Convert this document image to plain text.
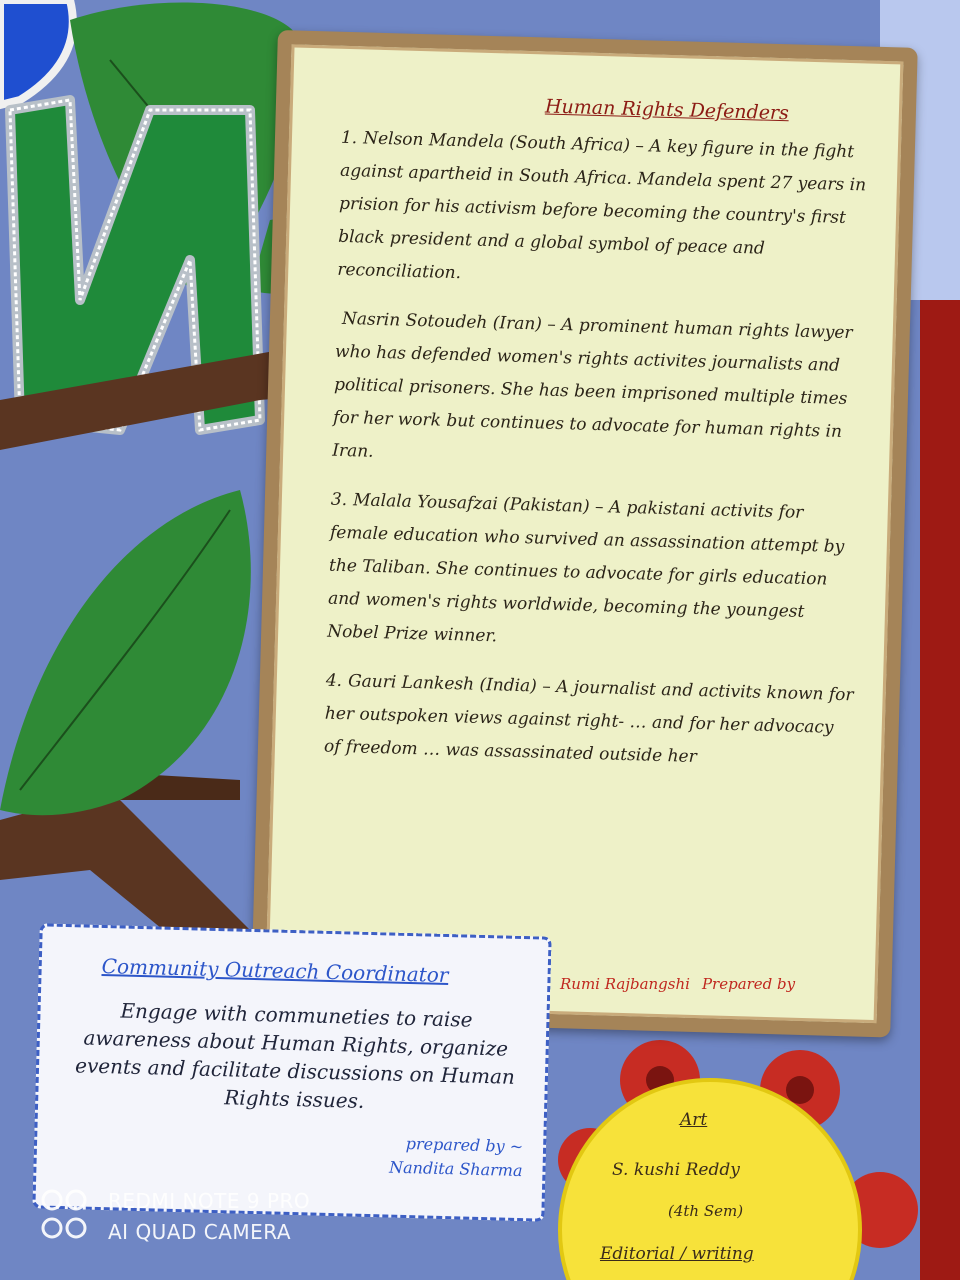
Human Rights Defenders
1. Nelson Mandela (South Africa) – A key figure in the fight against apartheid in South Africa. Mandela spent 27 years in prision for his activism before becoming the country's first black president and a global symbol of peace and reconciliation.
Nasrin Sotoudeh (Iran) – A prominent human rights lawyer who has defended women's rights activites journalists and political prisoners. She has been imprisoned multiple times for her work but continues to advocate for human rights in Iran.
3. Malala Yousafzai (Pakistan) – A pakistani activits for female education who survived an assassination attempt by the Taliban. She continues to advocate for girls education and women's rights worldwide, becoming the youngest Nobel Prize winner.
4. Gauri Lankesh (India) – A journalist and activits known for her outspoken views against right- … and for her advocacy of freedom … was assassinated outside her
Rumi Rajbangshi Prepared by
Community Outreach Coordinator
Engage with communeties to raise awareness about Human Rights, organize events and facilitate discussions on Human Rights issues.
prepared by ~
Nandita Sharma
Art
S. kushi Reddy
(4th Sem)
Editorial / writing
REDMI NOTE 9 PRO
AI QUAD CAMERA
